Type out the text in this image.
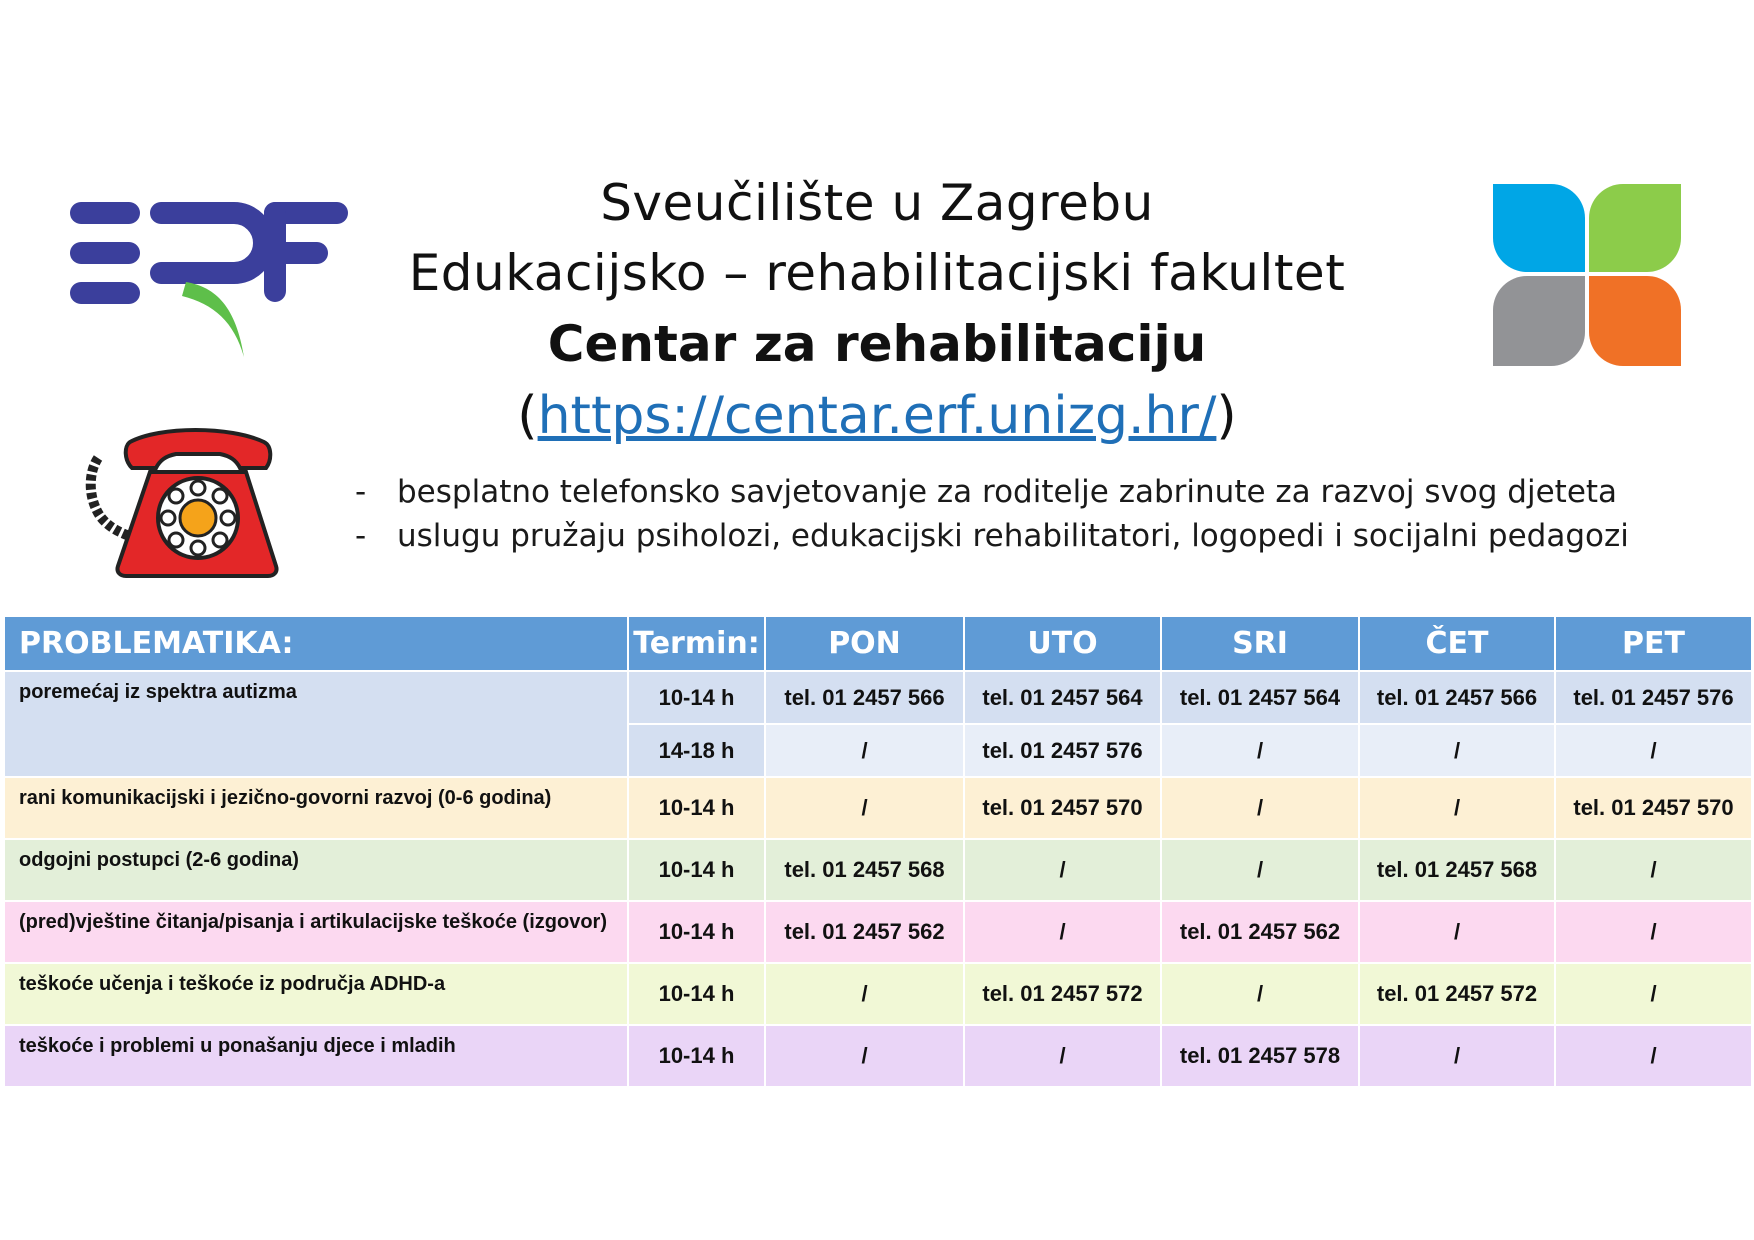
Sveučilište u Zagrebu
Edukacijsko – rehabilitacijski fakultet
Centar za rehabilitaciju
(https://centar.erf.unizg.hr/)
- besplatno telefonsko savjetovanje za roditelje zabrinute za razvoj svog djeteta
- uslugu pružaju psiholozi, edukacijski rehabilitatori, logopedi i socijalni pedagozi
PROBLEMATIKA:	Termin:	PON	UTO	SRI	ČET	PET
poremećaj iz spektra autizma	10-14 h	tel. 01 2457 566	tel. 01 2457 564	tel. 01 2457 564	tel. 01 2457 566	tel. 01 2457 576
	14-18 h	/	tel. 01 2457 576	/	/	/
rani komunikacijski i jezično-govorni razvoj (0-6 godina)	10-14 h	/	tel. 01 2457 570	/	/	tel. 01 2457 570
odgojni postupci (2-6 godina)	10-14 h	tel. 01 2457 568	/	/	tel. 01 2457 568	/
(pred)vještine čitanja/pisanja i artikulacijske teškoće (izgovor)	10-14 h	tel. 01 2457 562	/	tel. 01 2457 562	/	/
teškoće učenja i teškoće iz područja ADHD-a	10-14 h	/	tel. 01 2457 572	/	tel. 01 2457 572	/
teškoće i problemi u ponašanju djece i mladih	10-14 h	/	/	tel. 01 2457 578	/	/
